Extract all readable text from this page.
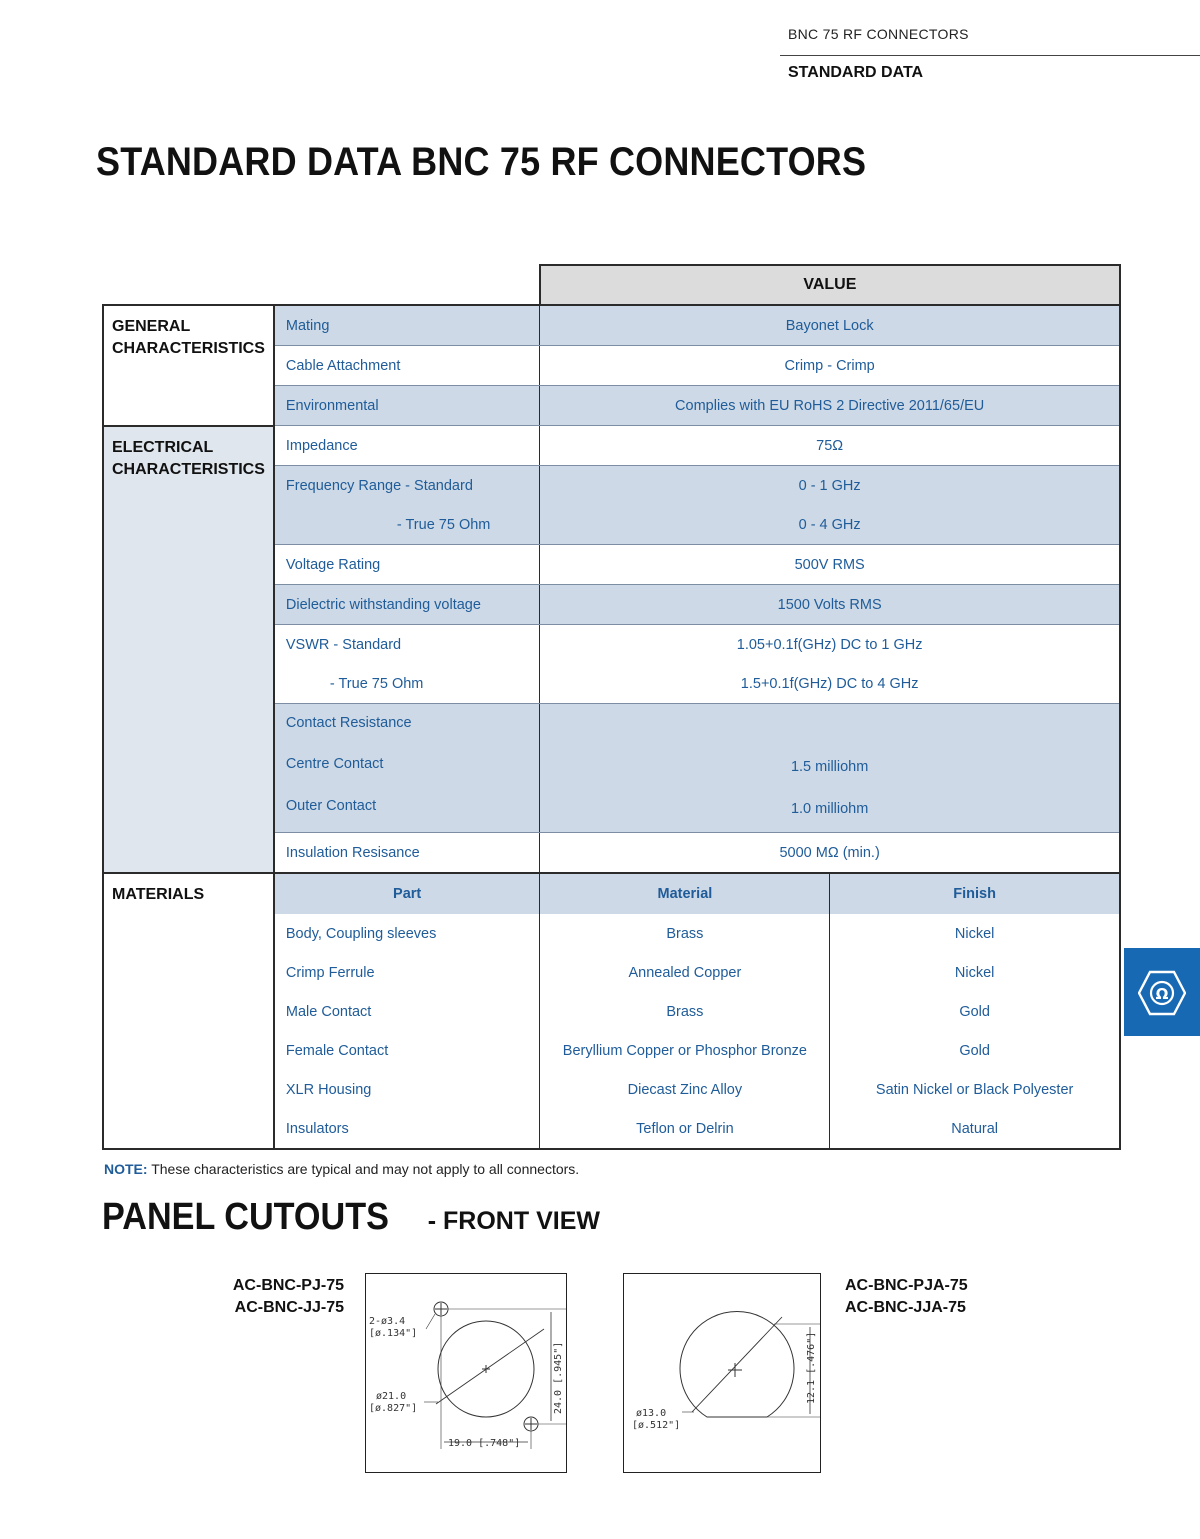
BNC 75 RF CONNECTORS
STANDARD DATA
STANDARD DATA BNC 75 RF CONNECTORS
Ω
		VALUE	
GENERAL CHARACTERISTICS	Mating	Bayonet Lock	
	Cable Attachment	Crimp - Crimp	
	Environmental	Complies with EU RoHS 2 Directive 2011/65/EU	
ELECTRICAL CHARACTERISTICS	Impedance	75Ω	
	Frequency Range - Standard	0 - 1 GHz	
	- True 75 Ohm	0 - 4 GHz	
	Voltage Rating	500V RMS	
	Dielectric withstanding voltage	1500 Volts RMS	
	VSWR - Standard	1.05+0.1f(GHz) DC to 1 GHz	
	- True 75 Ohm	1.5+0.1f(GHz) DC to 4 GHz	
	Contact Resistance		
	Centre Contact	1.5 milliohm	
	Outer Contact	1.0 milliohm	
	Insulation Resisance	5000 MΩ (min.)	
MATERIALS	Part	Material	Finish
	Body, Coupling sleeves	Brass	Nickel
	Crimp Ferrule	Annealed Copper	Nickel
	Male Contact	Brass	Gold
	Female Contact	Beryllium Copper or Phosphor Bronze	Gold
	XLR Housing	Diecast Zinc Alloy	Satin Nickel or Black Polyester
	Insulators	Teflon or Delrin	Natural
NOTE: These characteristics are typical and may not apply to all connectors.
PANEL CUTOUTS - FRONT VIEW
AC-BNC-PJ-75
AC-BNC-JJ-75
AC-BNC-PJA-75
AC-BNC-JJA-75
2-ø3.4
[ø.134"]
ø21.0
[ø.827"]	24.0 [.945"]
19.0 [.748"]
ø13.0
[ø.512"]
12.1 [.476"]
